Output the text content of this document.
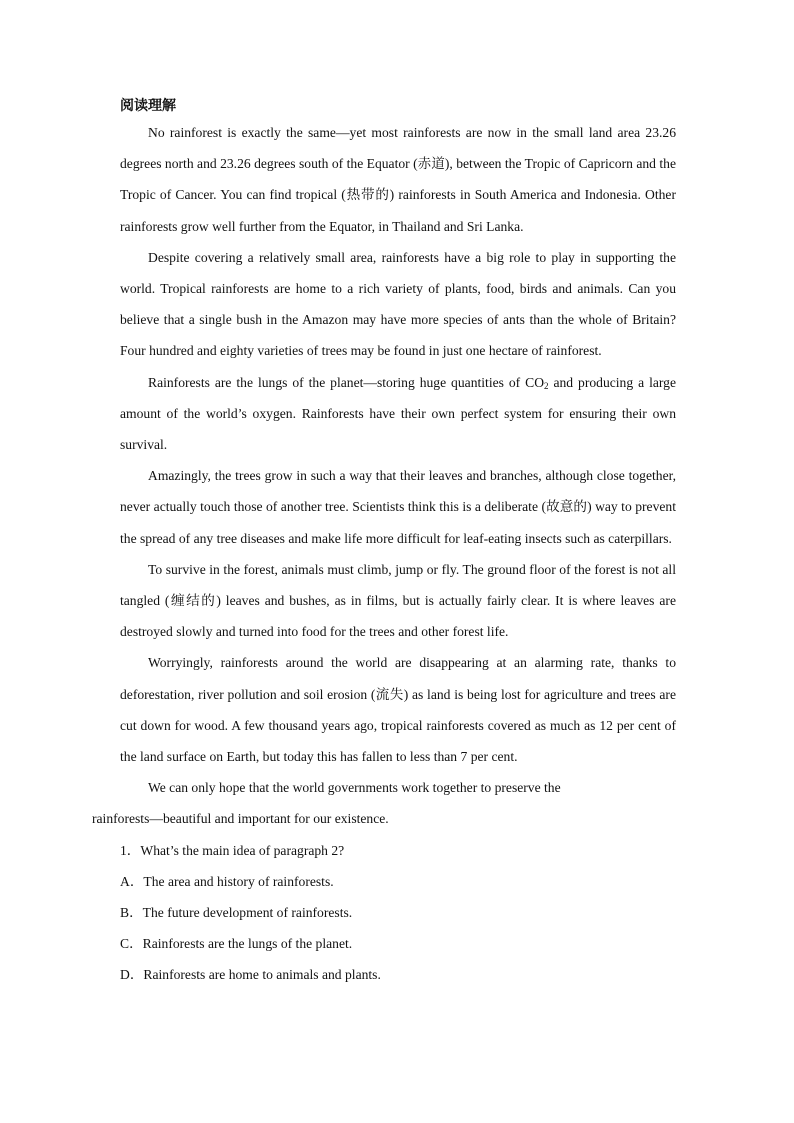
阅读理解

No rainforest is exactly the same—yet most rainforests are now in the small land area 23.26 degrees north and 23.26 degrees south of the Equator (赤道), between the Tropic of Capricorn and the Tropic of Cancer. You can find tropical (热带的) rainforests in South America and Indonesia. Other rainforests grow well further from the Equator, in Thailand and Sri Lanka.

Despite covering a relatively small area, rainforests have a big role to play in supporting the world. Tropical rainforests are home to a rich variety of plants, food, birds and animals. Can you believe that a single bush in the Amazon may have more species of ants than the whole of Britain? Four hundred and eighty varieties of trees may be found in just one hectare of rainforest.

Rainforests are the lungs of the planet—storing huge quantities of $CO_2$ and producing a large amount of the world’s oxygen. Rainforests have their own perfect system for ensuring their own survival.

Amazingly, the trees grow in such a way that their leaves and branches, although close together, never actually touch those of another tree. Scientists think this is a deliberate (故意的) way to prevent the spread of any tree diseases and make life more difficult for leaf-eating insects such as caterpillars.

To survive in the forest, animals must climb, jump or fly. The ground floor of the forest is not all tangled (缠结的) leaves and bushes, as in films, but is actually fairly clear. It is where leaves are destroyed slowly and turned into food for the trees and other forest life.

Worryingly, rainforests around the world are disappearing at an alarming rate, thanks to deforestation, river pollution and soil erosion (流失) as land is being lost for agriculture and trees are cut down for wood. A few thousand years ago, tropical rainforests covered as much as 12 per cent of the land surface on Earth, but today this has fallen to less than 7 per cent.

We can only hope that the world governments work together to preserve the
rainforests—beautiful and important for our existence.

1．What’s the main idea of paragraph 2?

A．The area and history of rainforests.

B．The future development of rainforests.

C．Rainforests are the lungs of the planet.

D．Rainforests are home to animals and plants.
